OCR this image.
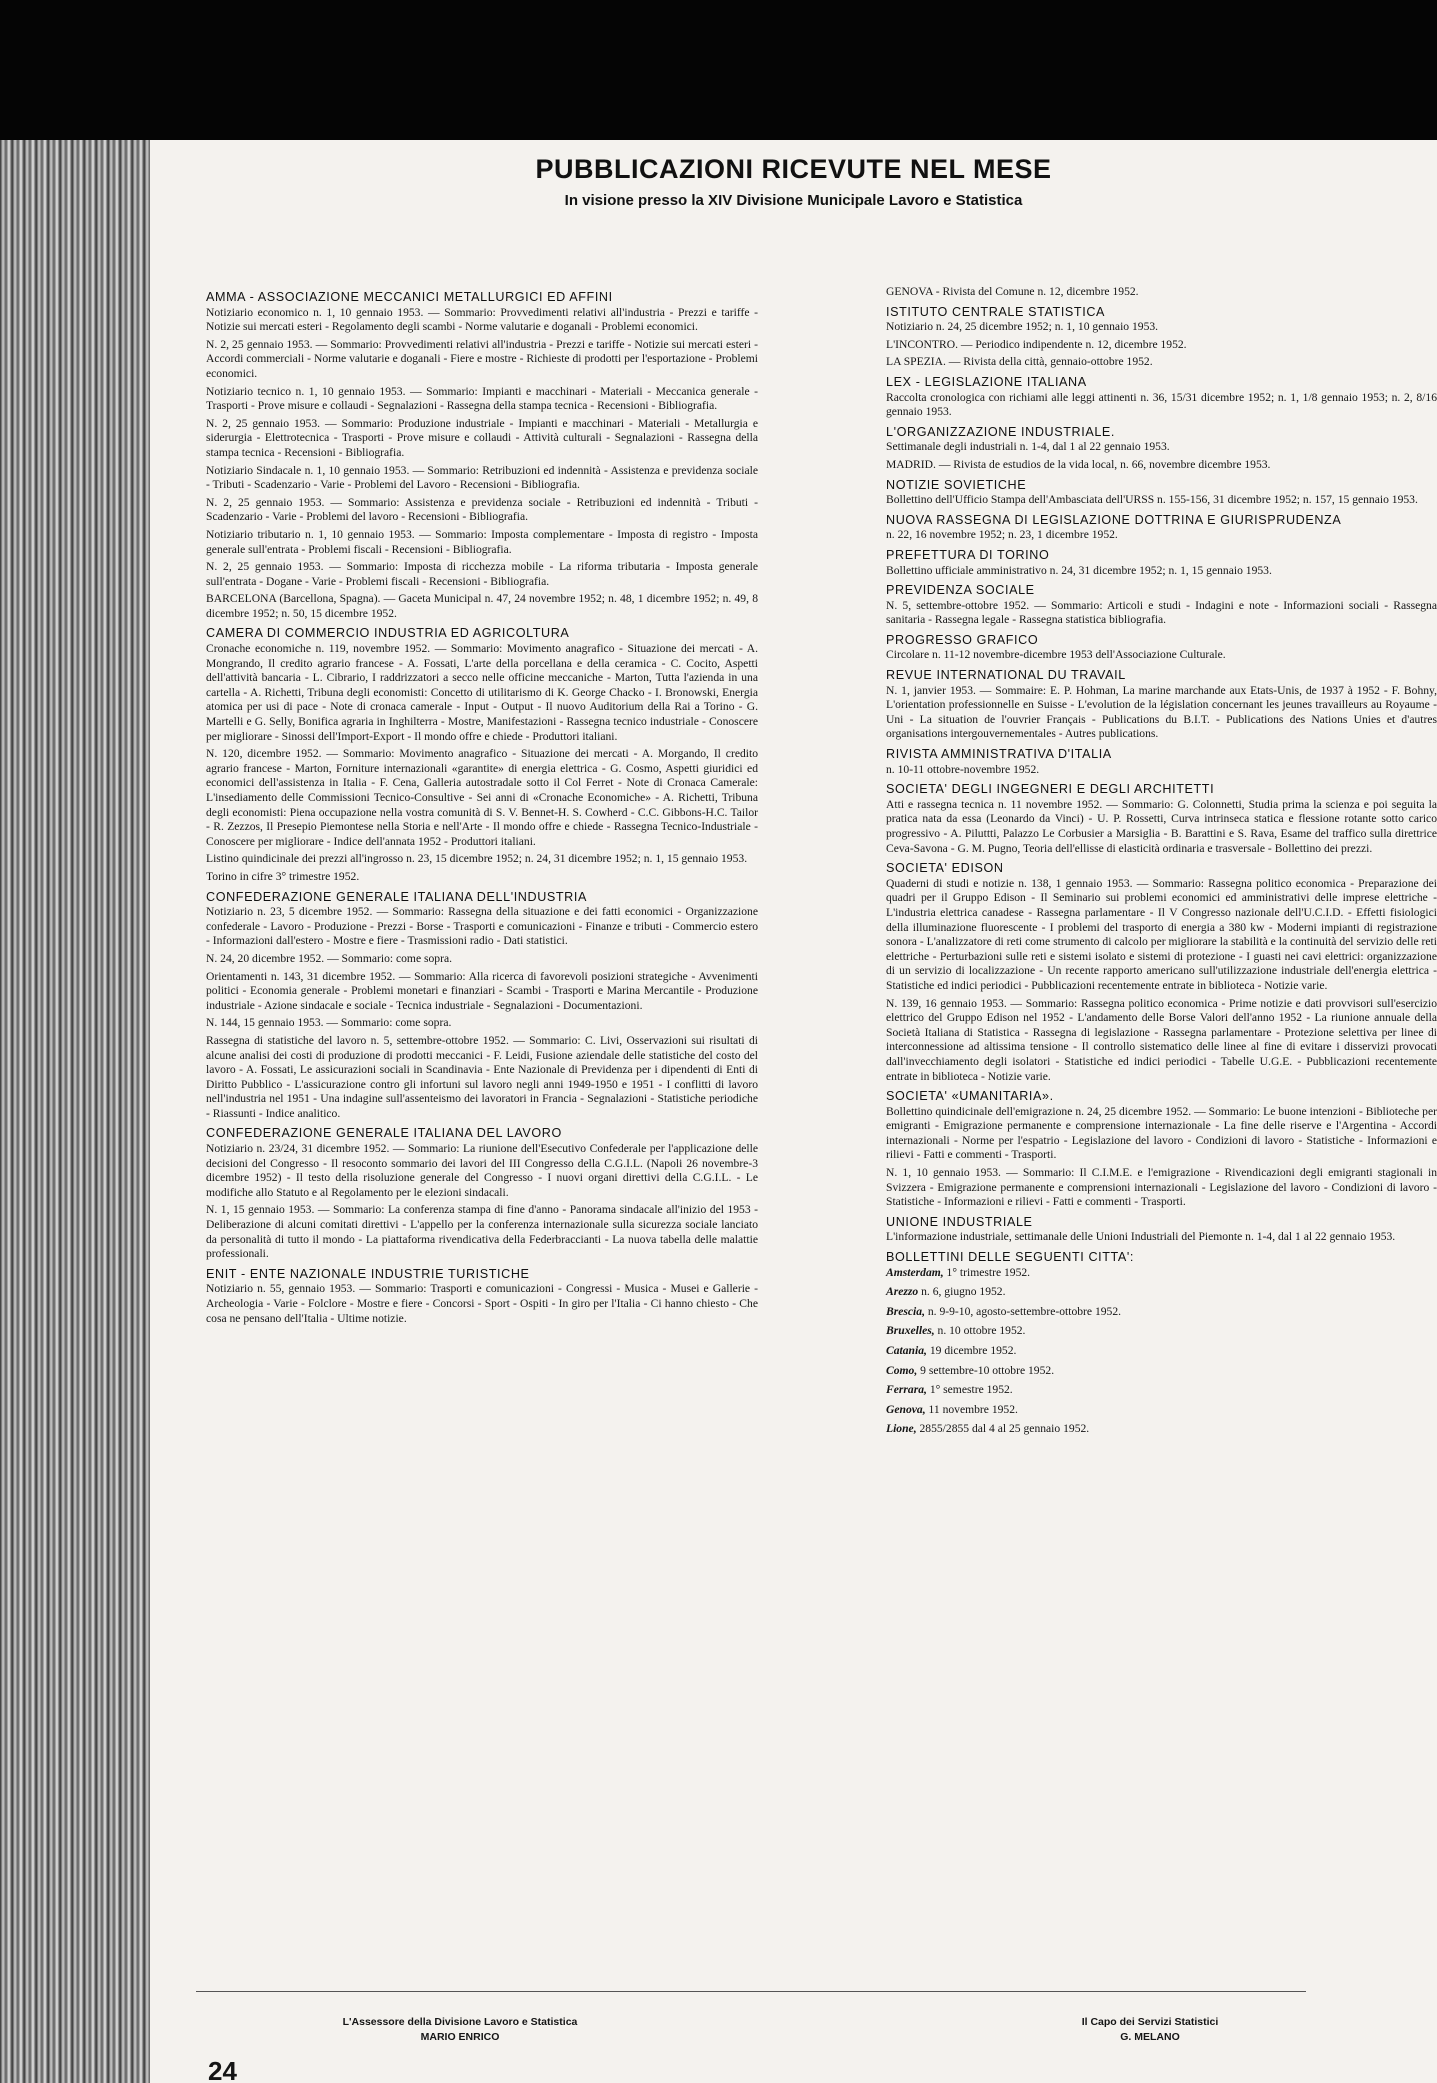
PUBBLICAZIONI RICEVUTE NEL MESE
In visione presso la XIV Divisione Municipale Lavoro e Statistica
AMMA - ASSOCIAZIONE MECCANICI METALLURGICI ED AFFINI
Notiziario economico n. 1, 10 gennaio 1953. — Sommario: Provvedimenti relativi all'industria - Prezzi e tariffe - Notizie sui mercati esteri - Regolamento degli scambi - Norme valutarie e doganali - Problemi economici.
N. 2, 25 gennaio 1953. — Sommario: Provvedimenti relativi all'industria - Prezzi e tariffe - Notizie sui mercati esteri - Accordi commerciali - Norme valutarie e doganali - Fiere e mostre - Richieste di prodotti per l'esportazione - Problemi economici.
Notiziario tecnico n. 1, 10 gennaio 1953. — Sommario: Impianti e macchinari - Materiali - Meccanica generale - Trasporti - Prove misure e collaudi - Segnalazioni - Rassegna della stampa tecnica - Recensioni - Bibliografia.
N. 2, 25 gennaio 1953. — Sommario: Produzione industriale - Impianti e macchinari - Materiali - Metallurgia e siderurgia - Elettrotecnica - Trasporti - Prove misure e collaudi - Attività culturali - Segnalazioni - Rassegna della stampa tecnica - Recensioni - Bibliografia.
Notiziario Sindacale n. 1, 10 gennaio 1953. — Sommario: Retribuzioni ed indennità - Assistenza e previdenza sociale - Tributi - Scadenzario - Varie - Problemi del Lavoro - Recensioni - Bibliografia.
N. 2, 25 gennaio 1953. — Sommario: Assistenza e previdenza sociale - Retribuzioni ed indennità - Tributi - Scadenzario - Varie - Problemi del lavoro - Recensioni - Bibliografia.
Notiziario tributario n. 1, 10 gennaio 1953. — Sommario: Imposta complementare - Imposta di registro - Imposta generale sull'entrata - Problemi fiscali - Recensioni - Bibliografia.
N. 2, 25 gennaio 1953. — Sommario: Imposta di ricchezza mobile - La riforma tributaria - Imposta generale sull'entrata - Dogane - Varie - Problemi fiscali - Recensioni - Bibliografia.
BARCELONA (Barcellona, Spagna). — Gaceta Municipal n. 47, 24 novembre 1952; n. 48, 1 dicembre 1952; n. 49, 8 dicembre 1952; n. 50, 15 dicembre 1952.
CAMERA DI COMMERCIO INDUSTRIA ED AGRICOLTURA
Cronache economiche n. 119, novembre 1952. — Sommario: Movimento anagrafico - Situazione dei mercati - A. Mongrando, Il credito agrario francese - A. Fossati, L'arte della porcellana e della ceramica - C. Cocito, Aspetti dell'attività bancaria - L. Cibrario, I raddrizzatori a secco nelle officine meccaniche - Marton, Tutta l'azienda in una cartella - A. Richetti, Tribuna degli economisti: Concetto di utilitarismo di K. George Chacko - I. Bronowski, Energia atomica per usi di pace - Note di cronaca camerale - Input - Output - Il nuovo Auditorium della Rai a Torino - G. Martelli e G. Selly, Bonifica agraria in Inghilterra - Mostre, Manifestazioni - Rassegna tecnico industriale - Conoscere per migliorare - Sinossi dell'Import-Export - Il mondo offre e chiede - Produttori italiani.
N. 120, dicembre 1952. — Sommario: Movimento anagrafico - Situazione dei mercati - A. Morgando, Il credito agrario francese - Marton, Forniture internazionali «garantite» di energia elettrica - G. Cosmo, Aspetti giuridici ed economici dell'assistenza in Italia - F. Cena, Galleria autostradale sotto il Col Ferret - Note di Cronaca Camerale: L'insediamento delle Commissioni Tecnico-Consultive - Sei anni di «Cronache Economiche» - A. Richetti, Tribuna degli economisti: Piena occupazione nella vostra comunità di S. V. Bennet-H. S. Cowherd - C.C. Gibbons-H.C. Tailor - R. Zezzos, Il Presepio Piemontese nella Storia e nell'Arte - Il mondo offre e chiede - Rassegna Tecnico-Industriale - Conoscere per migliorare - Indice dell'annata 1952 - Produttori italiani.
Listino quindicinale dei prezzi all'ingrosso n. 23, 15 dicembre 1952; n. 24, 31 dicembre 1952; n. 1, 15 gennaio 1953.
Torino in cifre 3° trimestre 1952.
CONFEDERAZIONE GENERALE ITALIANA DELL'INDUSTRIA
Notiziario n. 23, 5 dicembre 1952. — Sommario: Rassegna della situazione e dei fatti economici - Organizzazione confederale - Lavoro - Produzione - Prezzi - Borse - Trasporti e comunicazioni - Finanze e tributi - Commercio estero - Informazioni dall'estero - Mostre e fiere - Trasmissioni radio - Dati statistici.
N. 24, 20 dicembre 1952. — Sommario: come sopra.
Orientamenti n. 143, 31 dicembre 1952. — Sommario: Alla ricerca di favorevoli posizioni strategiche - Avvenimenti politici - Economia generale - Problemi monetari e finanziari - Scambi - Trasporti e Marina Mercantile - Produzione industriale - Azione sindacale e sociale - Tecnica industriale - Segnalazioni - Documentazioni.
N. 144, 15 gennaio 1953. — Sommario: come sopra.
Rassegna di statistiche del lavoro n. 5, settembre-ottobre 1952. — Sommario: C. Livi, Osservazioni sui risultati di alcune analisi dei costi di produzione di prodotti meccanici - F. Leidi, Fusione aziendale delle statistiche del costo del lavoro - A. Fossati, Le assicurazioni sociali in Scandinavia - Ente Nazionale di Previdenza per i dipendenti di Enti di Diritto Pubblico - L'assicurazione contro gli infortuni sul lavoro negli anni 1949-1950 e 1951 - I conflitti di lavoro nell'industria nel 1951 - Una indagine sull'assenteismo dei lavoratori in Francia - Segnalazioni - Statistiche periodiche - Riassunti - Indice analitico.
CONFEDERAZIONE GENERALE ITALIANA DEL LAVORO
Notiziario n. 23/24, 31 dicembre 1952. — Sommario: La riunione dell'Esecutivo Confederale per l'applicazione delle decisioni del Congresso - Il resoconto sommario dei lavori del III Congresso della C.G.I.L. (Napoli 26 novembre-3 dicembre 1952) - Il testo della risoluzione generale del Congresso - I nuovi organi direttivi della C.G.I.L. - Le modifiche allo Statuto e al Regolamento per le elezioni sindacali.
N. 1, 15 gennaio 1953. — Sommario: La conferenza stampa di fine d'anno - Panorama sindacale all'inizio del 1953 - Deliberazione di alcuni comitati direttivi - L'appello per la conferenza internazionale sulla sicurezza sociale lanciato da personalità di tutto il mondo - La piattaforma rivendicativa della Federbraccianti - La nuova tabella delle malattie professionali.
ENIT - ENTE NAZIONALE INDUSTRIE TURISTICHE
Notiziario n. 55, gennaio 1953. — Sommario: Trasporti e comunicazioni - Congressi - Musica - Musei e Gallerie - Archeologia - Varie - Folclore - Mostre e fiere - Concorsi - Sport - Ospiti - In giro per l'Italia - Ci hanno chiesto - Che cosa ne pensano dell'Italia - Ultime notizie.
GENOVA - Rivista del Comune n. 12, dicembre 1952.
ISTITUTO CENTRALE STATISTICA
Notiziario n. 24, 25 dicembre 1952; n. 1, 10 gennaio 1953.
L'INCONTRO. — Periodico indipendente n. 12, dicembre 1952.
LA SPEZIA. — Rivista della città, gennaio-ottobre 1952.
LEX - LEGISLAZIONE ITALIANA
Raccolta cronologica con richiami alle leggi attinenti n. 36, 15/31 dicembre 1952; n. 1, 1/8 gennaio 1953; n. 2, 8/16 gennaio 1953.
L'ORGANIZZAZIONE INDUSTRIALE.
Settimanale degli industriali n. 1-4, dal 1 al 22 gennaio 1953.
MADRID. — Rivista de estudios de la vida local, n. 66, novembre dicembre 1953.
NOTIZIE SOVIETICHE
Bollettino dell'Ufficio Stampa dell'Ambasciata dell'URSS n. 155-156, 31 dicembre 1952; n. 157, 15 gennaio 1953.
NUOVA RASSEGNA DI LEGISLAZIONE DOTTRINA E GIURISPRUDENZA
n. 22, 16 novembre 1952; n. 23, 1 dicembre 1952.
PREFETTURA DI TORINO
Bollettino ufficiale amministrativo n. 24, 31 dicembre 1952; n. 1, 15 gennaio 1953.
PREVIDENZA SOCIALE
N. 5, settembre-ottobre 1952. — Sommario: Articoli e studi - Indagini e note - Informazioni sociali - Rassegna sanitaria - Rassegna legale - Rassegna statistica bibliografia.
PROGRESSO GRAFICO
Circolare n. 11-12 novembre-dicembre 1953 dell'Associazione Culturale.
REVUE INTERNATIONAL DU TRAVAIL
N. 1, janvier 1953. — Sommaire: E. P. Hohman, La marine marchande aux Etats-Unis, de 1937 à 1952 - F. Bohny, L'orientation professionnelle en Suisse - L'evolution de la législation concernant les jeunes travailleurs au Royaume - Uni - La situation de l'ouvrier Français - Publications du B.I.T. - Publications des Nations Unies et d'autres organisations intergouvernementales - Autres publications.
RIVISTA AMMINISTRATIVA D'ITALIA
n. 10-11 ottobre-novembre 1952.
SOCIETA' DEGLI INGEGNERI E DEGLI ARCHITETTI
Atti e rassegna tecnica n. 11 novembre 1952. — Sommario: G. Colonnetti, Studia prima la scienza e poi seguita la pratica nata da essa (Leonardo da Vinci) - U. P. Rossetti, Curva intrinseca statica e flessione rotante sotto carico progressivo - A. Piluttti, Palazzo Le Corbusier a Marsiglia - B. Barattini e S. Rava, Esame del traffico sulla direttrice Ceva-Savona - G. M. Pugno, Teoria dell'ellisse di elasticità ordinaria e trasversale - Bollettino dei prezzi.
SOCIETA' EDISON
Quaderni di studi e notizie n. 138, 1 gennaio 1953. — Sommario: Rassegna politico economica - Preparazione dei quadri per il Gruppo Edison - Il Seminario sui problemi economici ed amministrativi delle imprese elettriche - L'industria elettrica canadese - Rassegna parlamentare - Il V Congresso nazionale dell'U.C.I.D. - Effetti fisiologici della illuminazione fluorescente - I problemi del trasporto di energia a 380 kw - Moderni impianti di registrazione sonora - L'analizzatore di reti come strumento di calcolo per migliorare la stabilità e la continuità del servizio delle reti elettriche - Perturbazioni sulle reti e sistemi isolato e sistemi di protezione - I guasti nei cavi elettrici: organizzazione di un servizio di localizzazione - Un recente rapporto americano sull'utilizzazione industriale dell'energia elettrica - Statistiche ed indici periodici - Pubblicazioni recentemente entrate in biblioteca - Notizie varie.
N. 139, 16 gennaio 1953. — Sommario: Rassegna politico economica - Prime notizie e dati provvisori sull'esercizio elettrico del Gruppo Edison nel 1952 - L'andamento delle Borse Valori dell'anno 1952 - La riunione annuale della Società Italiana di Statistica - Rassegna di legislazione - Rassegna parlamentare - Protezione selettiva per linee di interconnessione ad altissima tensione - Il controllo sistematico delle linee al fine di evitare i disservizi provocati dall'invecchiamento degli isolatori - Statistiche ed indici periodici - Tabelle U.G.E. - Pubblicazioni recentemente entrate in biblioteca - Notizie varie.
SOCIETA' «UMANITARIA».
Bollettino quindicinale dell'emigrazione n. 24, 25 dicembre 1952. — Sommario: Le buone intenzioni - Biblioteche per emigranti - Emigrazione permanente e comprensione internazionale - La fine delle riserve e l'Argentina - Accordi internazionali - Norme per l'espatrio - Legislazione del lavoro - Condizioni di lavoro - Statistiche - Informazioni e rilievi - Fatti e commenti - Trasporti.
N. 1, 10 gennaio 1953. — Sommario: Il C.I.M.E. e l'emigrazione - Rivendicazioni degli emigranti stagionali in Svizzera - Emigrazione permanente e comprensioni internazionali - Legislazione del lavoro - Condizioni di lavoro - Statistiche - Informazioni e rilievi - Fatti e commenti - Trasporti.
UNIONE INDUSTRIALE
L'informazione industriale, settimanale delle Unioni Industriali del Piemonte n. 1-4, dal 1 al 22 gennaio 1953.
BOLLETTINI DELLE SEGUENTI CITTA':
Amsterdam, 1° trimestre 1952.
Arezzo n. 6, giugno 1952.
Brescia, n. 9-9-10, agosto-settembre-ottobre 1952.
Bruxelles, n. 10 ottobre 1952.
Catania, 19 dicembre 1952.
Como, 9 settembre-10 ottobre 1952.
Ferrara, 1° semestre 1952.
Genova, 11 novembre 1952.
Lione, 2855/2855 dal 4 al 25 gennaio 1952.
L'Assessore della Divisione Lavoro e Statistica
MARIO ENRICO
Il Capo dei Servizi Statistici
G. MELANO
24
